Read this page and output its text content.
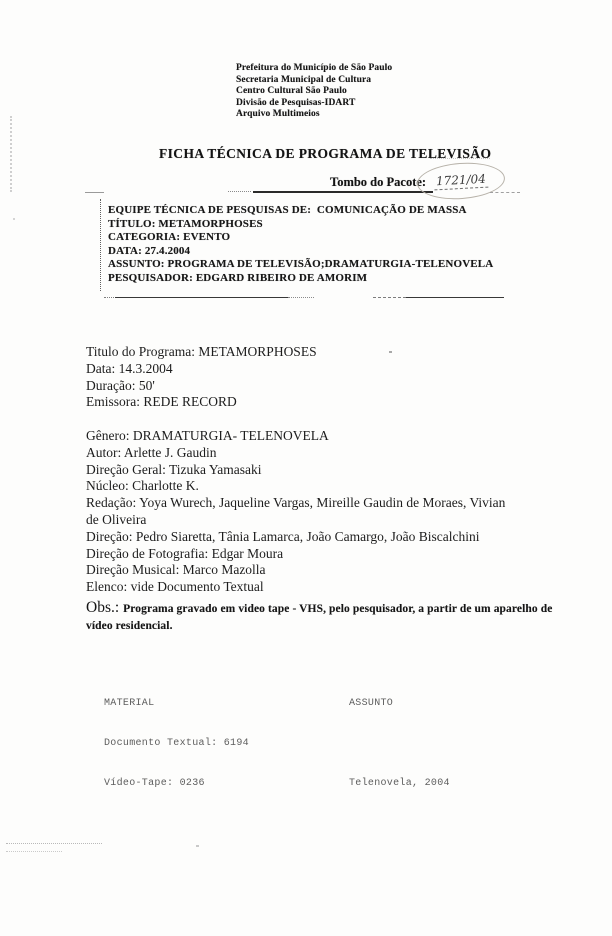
Prefeitura do Município de São Paulo
Secretaria Municipal de Cultura
Centro Cultural São Paulo
Divisão de Pesquisas-IDART
Arquivo Multimeios
FICHA TÉCNICA DE PROGRAMA DE TELEVISÃO
Tombo do Pacote: 1721/04
EQUIPE TÉCNICA DE PESQUISAS DE:  COMUNICAÇÃO DE MASSA
TÍTULO: METAMORPHOSES
CATEGORIA: EVENTO
DATA: 27.4.2004
ASSUNTO: PROGRAMA DE TELEVISÃO;DRAMATURGIA-TELENOVELA
PESQUISADOR: EDGARD RIBEIRO DE AMORIM
Titulo do Programa: METAMORPHOSES
Data: 14.3.2004
Duração: 50'
Emissora: REDE RECORD
Gênero: DRAMATURGIA- TELENOVELA
Autor: Arlette J. Gaudin
Direção Geral: Tizuka Yamasaki
Núcleo: Charlotte K.
Redação: Yoya Wurech, Jaqueline Vargas, Mireille Gaudin de Moraes, Vivian
de Oliveira
Direção: Pedro Siaretta, Tânia Lamarca, João Camargo, João Biscalchini
Direção de Fotografia: Edgar Moura
Direção Musical: Marco Mazolla
Elenco: vide Documento Textual
Obs.: Programa gravado em video tape - VHS, pelo pesquisador, a partir de um aparelho de vídeo residencial.

MATERIAL

Documento Textual: 6194

Vídeo-Tape: 0236

ASSUNTO

Telenovela, 2004
